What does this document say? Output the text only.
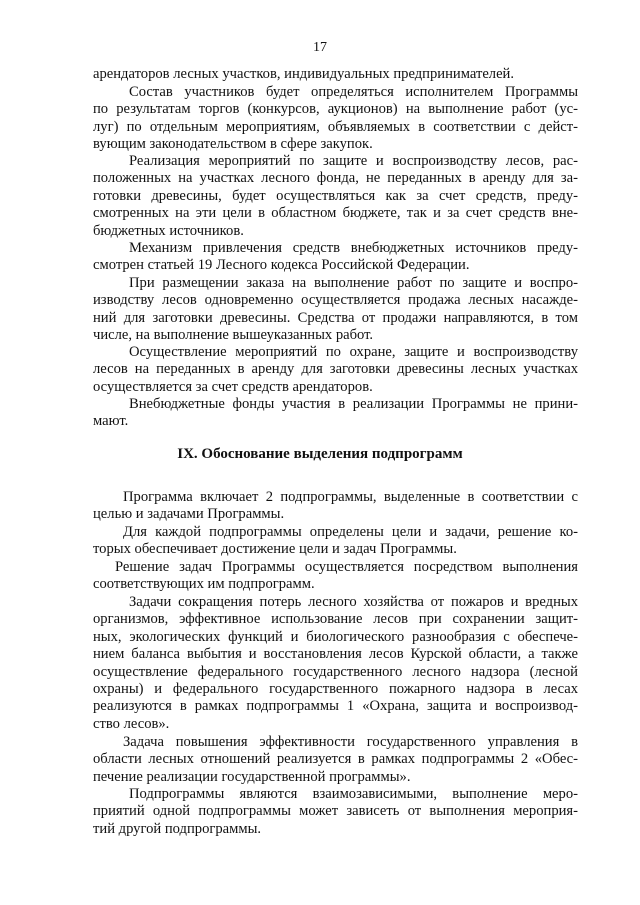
17
арендаторов лесных участков, индивидуальных предпринимателей.
Состав участников будет определяться исполнителем Программы
по результатам торгов (конкурсов, аукционов) на выполнение работ (ус-
луг) по отдельным мероприятиям, объявляемых в соответствии с дейст-
вующим законодательством в сфере закупок.
Реализация мероприятий по защите и воспроизводству лесов, рас-
положенных на участках лесного фонда, не переданных в аренду для за-
готовки древесины, будет осуществляться как за счет средств, преду-
смотренных на эти цели в областном бюджете, так и за счет средств вне-
бюджетных источников.
Механизм привлечения средств внебюджетных источников преду-
смотрен статьей 19 Лесного кодекса Российской Федерации.
При размещении заказа на выполнение работ по защите и воспро-
изводству лесов одновременно осуществляется продажа лесных насажде-
ний для заготовки древесины. Средства от продажи направляются, в том
числе, на выполнение вышеуказанных работ.
Осуществление мероприятий по охране, защите и воспроизводству
лесов на переданных в аренду для заготовки древесины лесных участках
осуществляется за счет средств арендаторов.
Внебюджетные фонды участия в реализации Программы не прини-
мают.
IX. Обоснование выделения подпрограмм
Программа включает 2 подпрограммы, выделенные в соответствии с
целью и задачами Программы.
Для каждой подпрограммы определены цели и задачи, решение ко-
торых обеспечивает достижение цели и задач Программы.
Решение задач Программы осуществляется посредством выполнения
соответствующих им подпрограмм.
Задачи сокращения потерь лесного хозяйства от пожаров и вредных
организмов, эффективное использование лесов при сохранении защит-
ных, экологических функций и биологического разнообразия с обеспече-
нием баланса выбытия и восстановления лесов Курской области, а также
осуществление федерального государственного лесного надзора (лесной
охраны) и федерального государственного пожарного надзора в лесах
реализуются в рамках подпрограммы 1 «Охрана, защита и воспроизвод-
ство лесов».
Задача повышения эффективности государственного управления в
области лесных отношений реализуется в рамках подпрограммы 2 «Обес-
печение реализации государственной программы».
Подпрограммы являются взаимозависимыми, выполнение меро-
приятий одной подпрограммы может зависеть от выполнения мероприя-
тий другой подпрограммы.
